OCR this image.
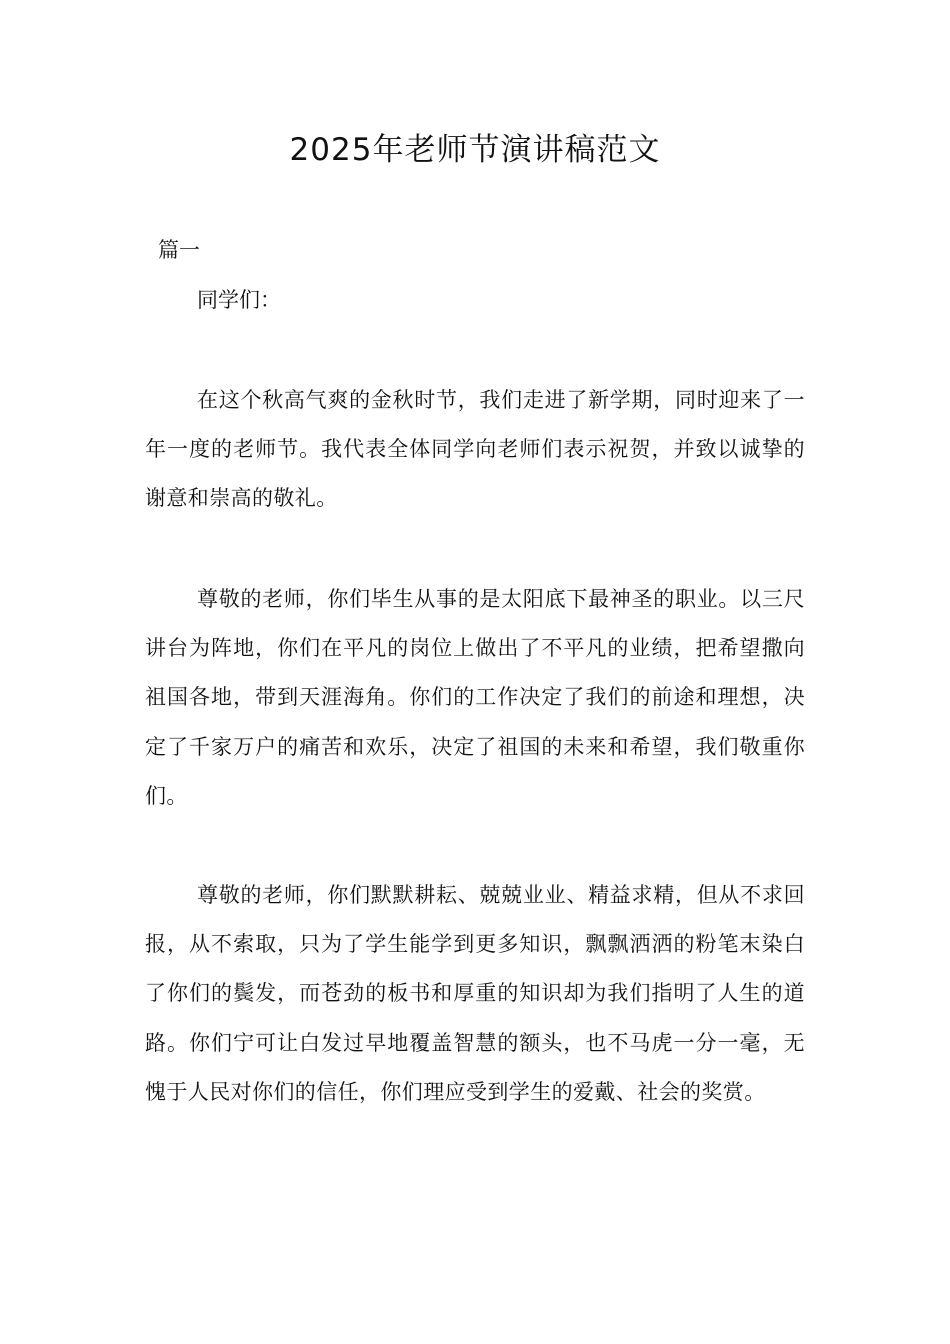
2025年老师节演讲稿范文
篇一
同学们：

在这个秋高气爽的金秋时节，我们走进了新学期，同时迎来了一年一度的老师节。我代表全体同学向老师们表示祝贺，并致以诚挚的谢意和崇高的敬礼。

尊敬的老师，你们毕生从事的是太阳底下最神圣的职业。以三尺讲台为阵地，你们在平凡的岗位上做出了不平凡的业绩，把希望撒向祖国各地，带到天涯海角。你们的工作决定了我们的前途和理想，决定了千家万户的痛苦和欢乐，决定了祖国的未来和希望，我们敬重你们。

尊敬的老师，你们默默耕耘、兢兢业业、精益求精，但从不求回报，从不索取，只为了学生能学到更多知识，飘飘洒洒的粉笔末染白了你们的鬓发，而苍劲的板书和厚重的知识却为我们指明了人生的道路。你们宁可让白发过早地覆盖智慧的额头，也不马虎一分一毫，无愧于人民对你们的信任，你们理应受到学生的爱戴、社会的奖赏。
